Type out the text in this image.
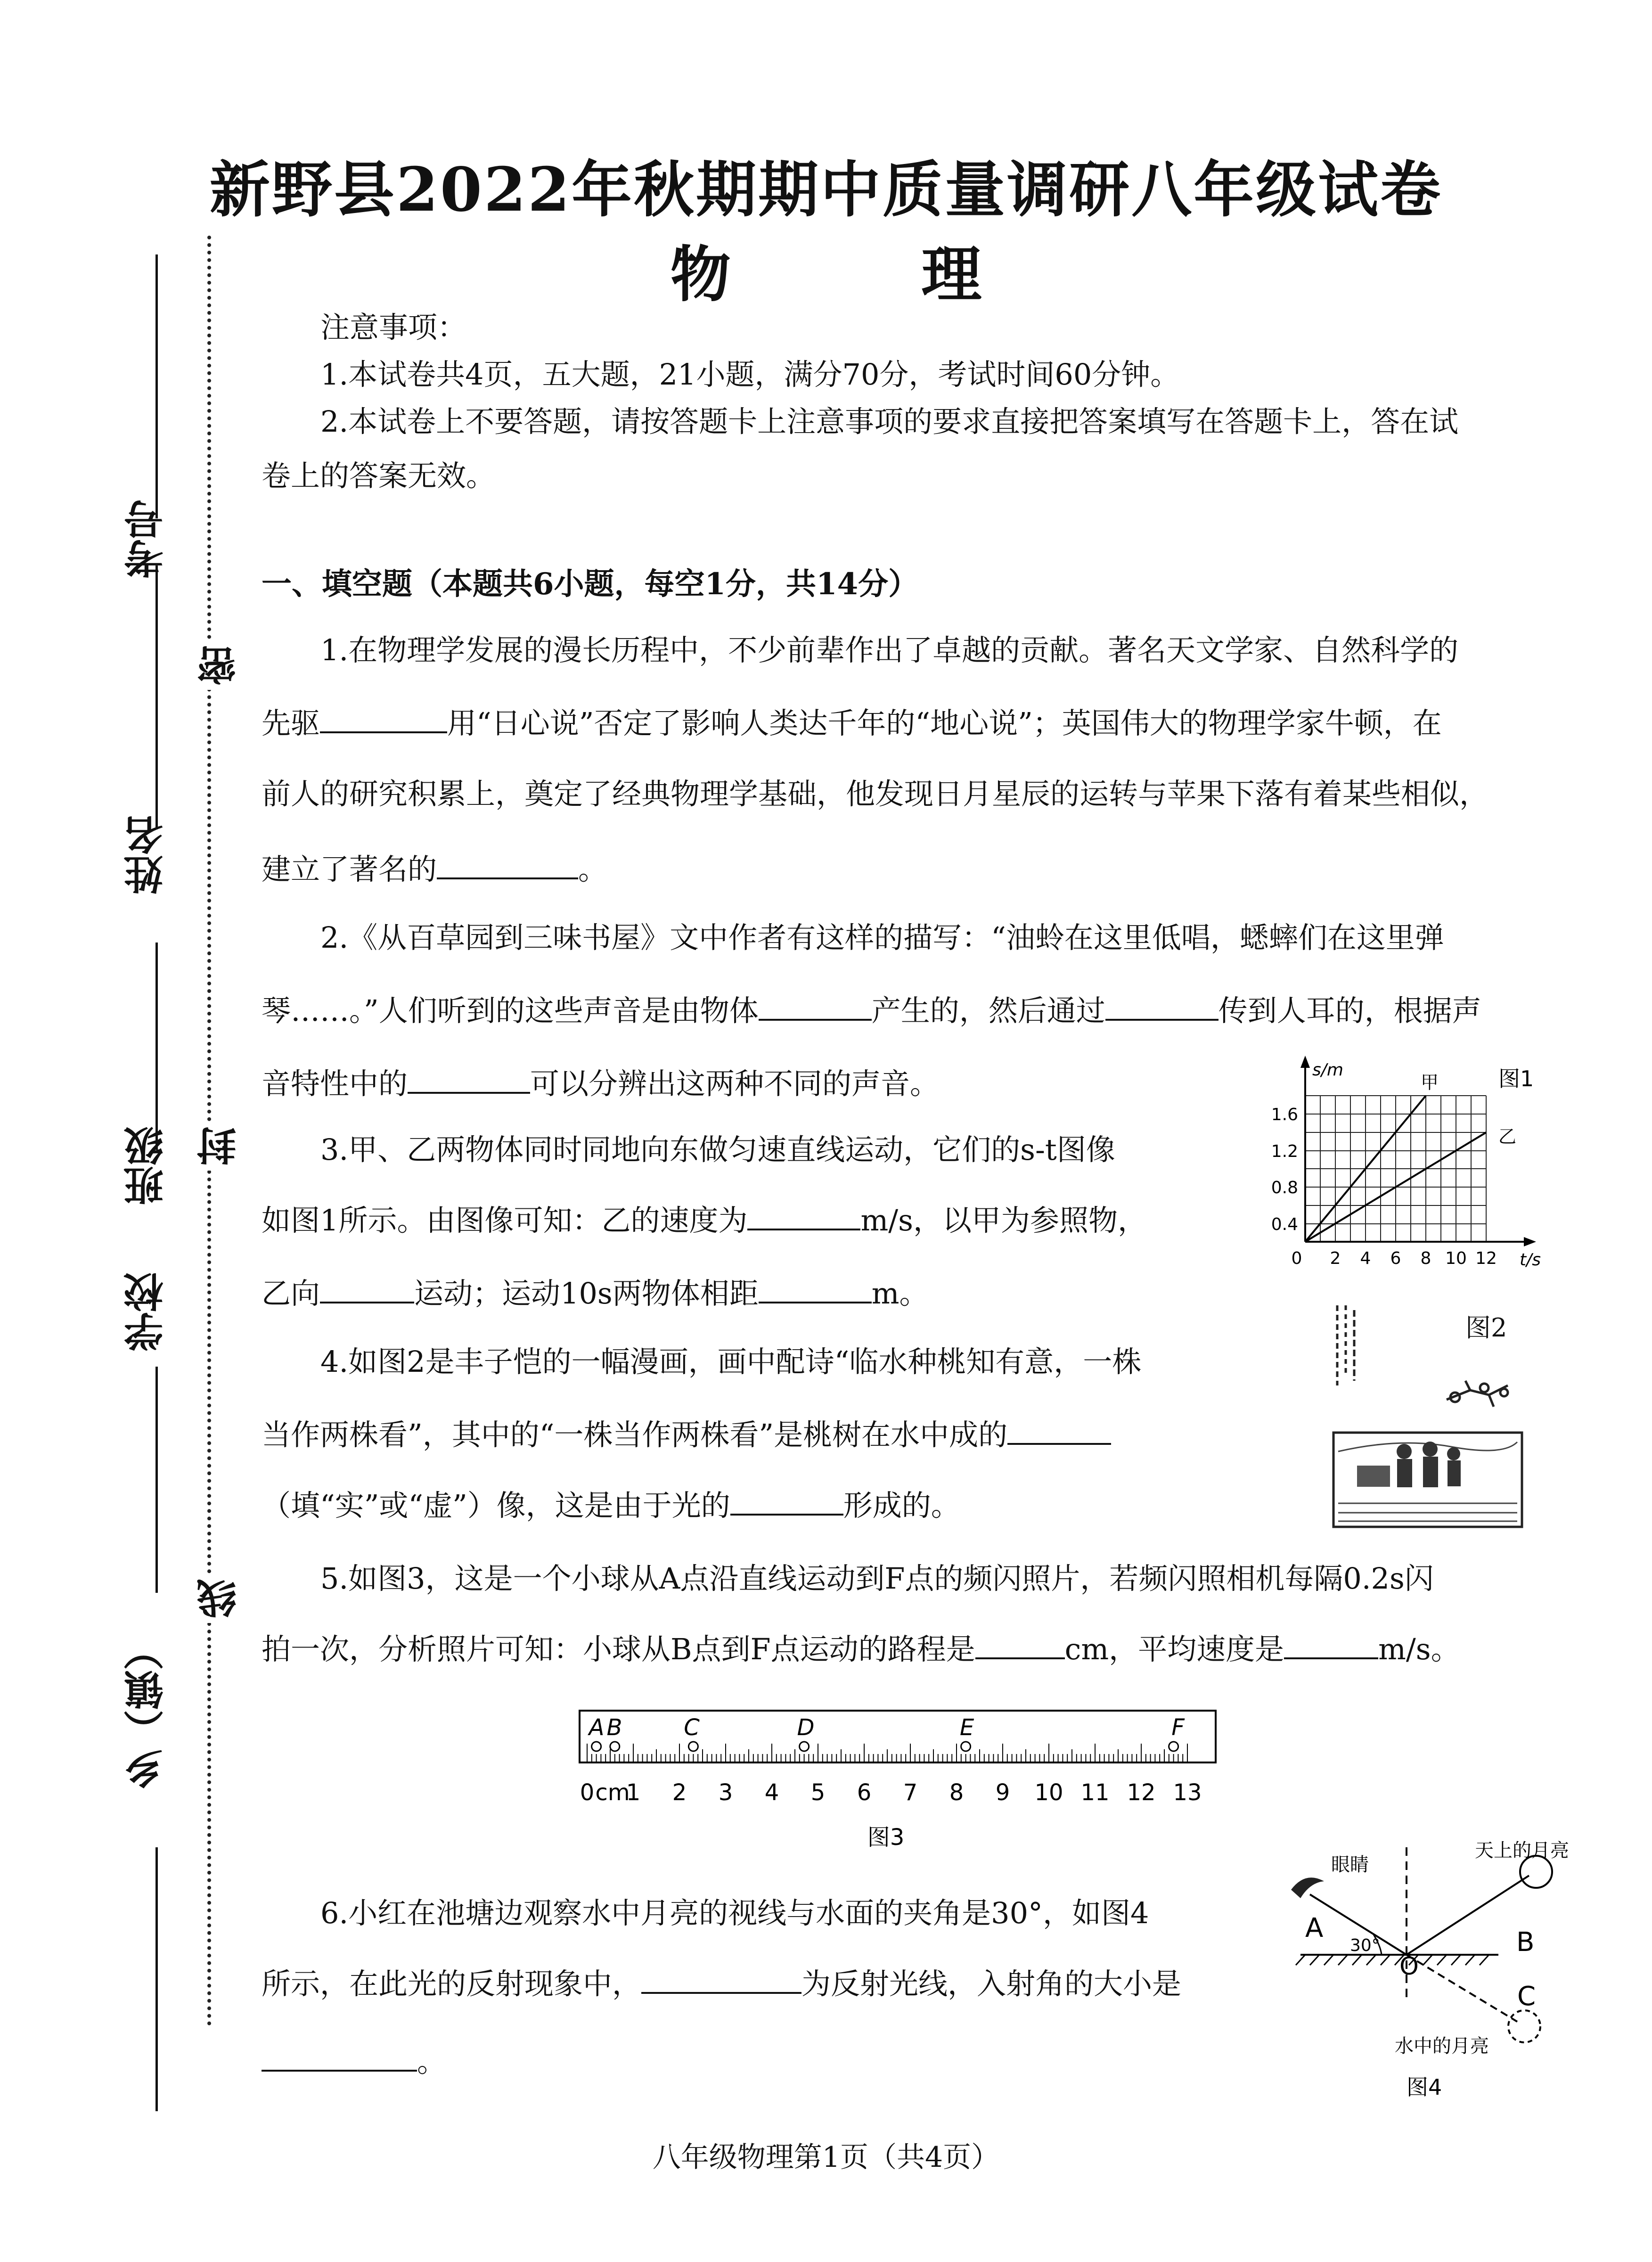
考号
姓名
班级
学校
乡（镇）
密
封
线
新野县2022年秋期期中质量调研八年级试卷
物 理
注意事项：
1.本试卷共4页，五大题，21小题，满分70分，考试时间60分钟。
2.本试卷上不要答题，请按答题卡上注意事项的要求直接把答案填写在答题卡上，答在试
卷上的答案无效。
一、填空题（本题共6小题，每空1分，共14分）
1.在物理学发展的漫长历程中，不少前辈作出了卓越的贡献。著名天文学家、自然科学的
先驱	用“日心说”否定了影响人类达千年的“地心说”；英国伟大的物理学家牛顿，在
前人的研究积累上，奠定了经典物理学基础，他发现日月星辰的运转与苹果下落有着某些相似，
建立了著名的	。
2.《从百草园到三味书屋》文中作者有这样的描写：“油蛉在这里低唱，蟋蟀们在这里弹
琴……。”人们听到的这些声音是由物体	产生的，然后通过	传到人耳的，根据声
音特性中的	可以分辨出这两种不同的声音。
3.甲、乙两物体同时同地向东做匀速直线运动，它们的s-t图像
如图1所示。由图像可知：乙的速度为	m/s，以甲为参照物，
乙向	运动；运动10s两物体相距	m。
4.如图2是丰子恺的一幅漫画，画中配诗“临水种桃知有意，一株
当作两株看”，其中的“一株当作两株看”是桃树在水中成的
（填“实”或“虚”）像，这是由于光的	形成的。
5.如图3，这是一个小球从A点沿直线运动到F点的频闪照片，若频闪照相机每隔0.2s闪
拍一次，分析照片可知：小球从B点到F点运动的路程是	cm，平均速度是	m/s。
6.小红在池塘边观察水中月亮的视线与水面的夹角是30°，如图4
所示，在此光的反射现象中，	为反射光线，入射角的大小是
。
s/m
t/s
甲
乙
图1
0.4
0.8
1.2
1.6
0 2 4 6 8 10 12
图2
A B	C	D	E	F
0 cm
1 2 3 4 5 6 7 8 9 10 11 12 13
图3
眼睛
天上的月亮
水中的月亮
A	B
C
O
30°
图4
八年级物理第1页（共4页）
